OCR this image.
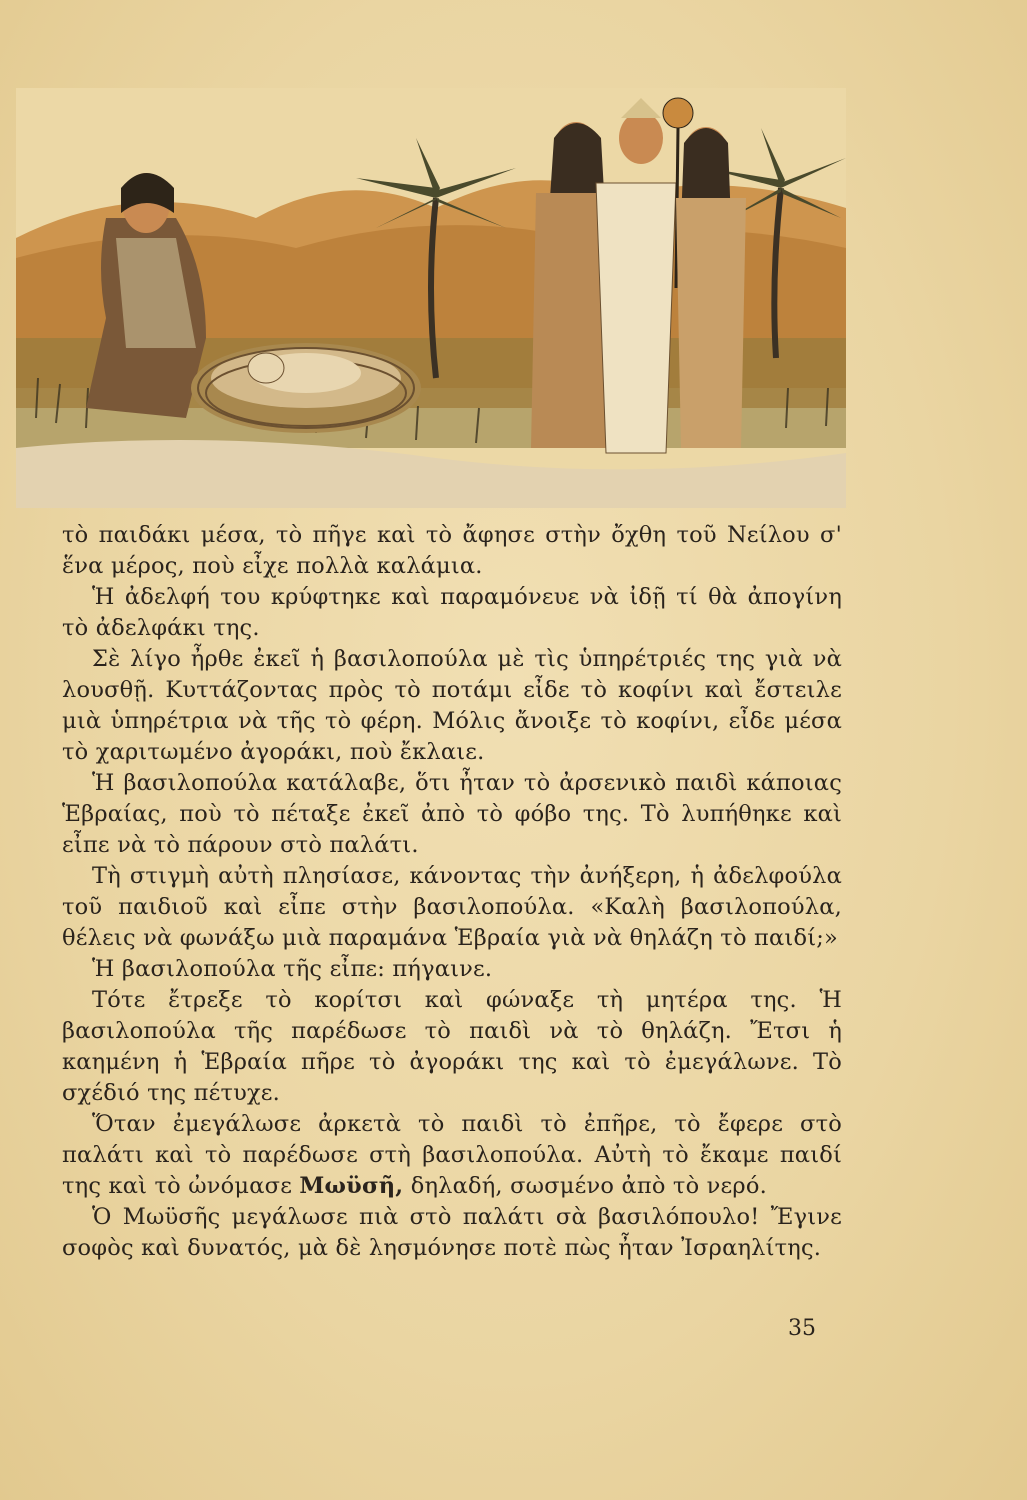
τὸ παιδάκι μέσα, τὸ πῆγε καὶ τὸ ἄφησε στὴν ὄχθη τοῦ Νείλου σ' ἕνα μέρος, ποὺ εἶχε πολλὰ καλάμια.

Ἡ ἀδελφή του κρύφτηκε καὶ παραμόνευε νὰ ἰδῇ τί θὰ ἀπογίνη τὸ ἀδελφάκι της.

Σὲ λίγο ἦρθε ἐκεῖ ἡ βασιλοπούλα μὲ τὶς ὑπηρέτριές της γιὰ νὰ λουσθῇ. Κυττάζοντας πρὸς τὸ ποτάμι εἶδε τὸ κοφίνι καὶ ἔστειλε μιὰ ὑπηρέτρια νὰ τῆς τὸ φέρη. Μόλις ἄνοιξε τὸ κοφίνι, εἶδε μέσα τὸ χαριτωμένο ἀγοράκι, ποὺ ἔκλαιε.

Ἡ βασιλοπούλα κατάλαβε, ὅτι ἦταν τὸ ἀρσενικὸ παιδὶ κάποιας Ἑβραίας, ποὺ τὸ πέταξε ἐκεῖ ἀπὸ τὸ φόβο της. Τὸ λυπήθηκε καὶ εἶπε νὰ τὸ πάρουν στὸ παλάτι.

Τὴ στιγμὴ αὐτὴ πλησίασε, κάνοντας τὴν ἀνήξερη, ἡ ἀδελφούλα τοῦ παιδιοῦ καὶ εἶπε στὴν βασιλοπούλα. «Καλὴ βασιλοπούλα, θέλεις νὰ φωνάξω μιὰ παραμάνα Ἑβραία γιὰ νὰ θηλάζη τὸ παιδί;»

Ἡ βασιλοπούλα τῆς εἶπε: πήγαινε.

Τότε ἔτρεξε τὸ κορίτσι καὶ φώναξε τὴ μητέρα της. Ἡ βασιλοπούλα τῆς παρέδωσε τὸ παιδὶ νὰ τὸ θηλάζη. Ἔτσι ἡ καημένη ἡ Ἑβραία πῆρε τὸ ἀγοράκι της καὶ τὸ ἐμεγάλωνε. Τὸ σχέδιό της πέτυχε.

Ὅταν ἐμεγάλωσε ἀρκετὰ τὸ παιδὶ τὸ ἐπῆρε, τὸ ἔφερε στὸ παλάτι καὶ τὸ παρέδωσε στὴ βασιλοπούλα. Αὐτὴ τὸ ἔκαμε παιδί της καὶ τὸ ὠνόμασε Μωϋσῆ, δηλαδή, σωσμένο ἀπὸ τὸ νερό.

Ὁ Μωϋσῆς μεγάλωσε πιὰ στὸ παλάτι σὰ βασιλόπουλο! Ἔγινε σοφὸς καὶ δυνατός, μὰ δὲ λησμόνησε ποτὲ πὼς ἦταν Ἰσραηλίτης.

35
